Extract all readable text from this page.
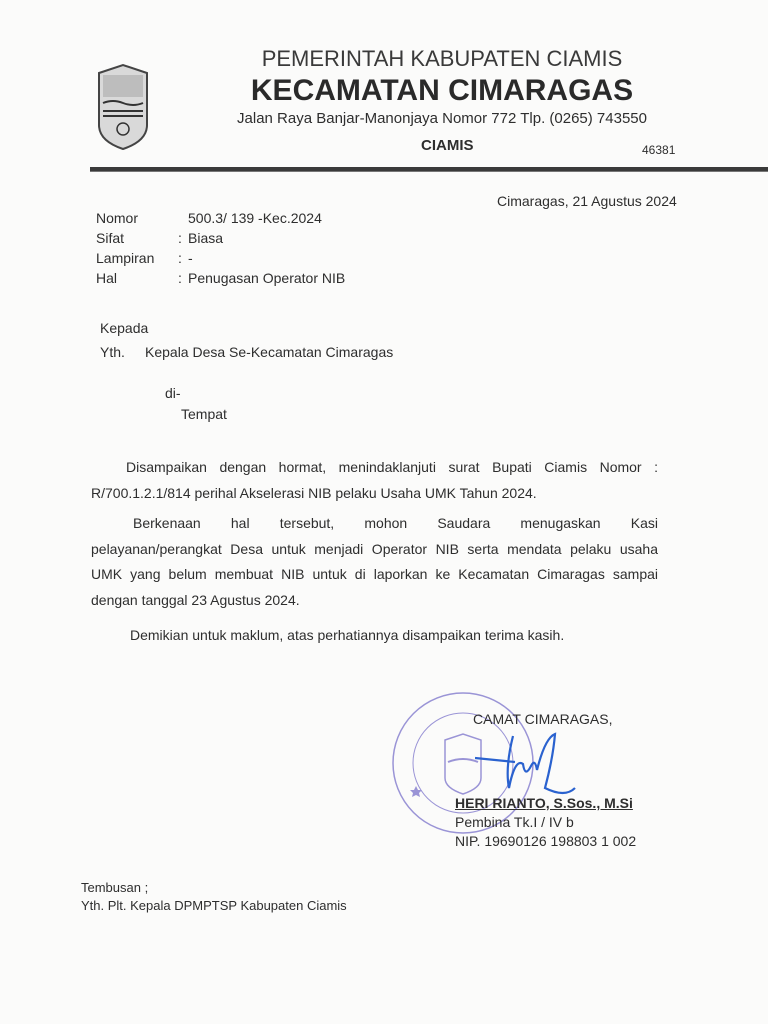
PEMERINTAH KABUPATEN CIAMIS
KECAMATAN CIMARAGAS
Jalan Raya Banjar-Manonjaya Nomor 772 Tlp. (0265) 743550
CIAMIS	46381
Cimaragas, 21 Agustus 2024
Nomor	500.3/ 139 -Kec.2024
Sifat	: Biasa
Lampiran : -
Hal	: Penugasan Operator NIB
Kepada
Yth. Kepala Desa Se-Kecamatan Cimaragas
di-
Tempat
Disampaikan dengan hormat, menindaklanjuti surat Bupati Ciamis Nomor :
R/700.1.2.1/814 perihal Akselerasi NIB pelaku Usaha UMK Tahun 2024.
Berkenaan hal tersebut, mohon Saudara menugaskan Kasi
pelayanan/perangkat Desa untuk menjadi Operator NIB serta mendata pelaku usaha
UMK yang belum membuat NIB untuk di laporkan ke Kecamatan Cimaragas sampai
dengan tanggal 23 Agustus 2024.
Demikian untuk maklum, atas perhatiannya disampaikan terima kasih.
CAMAT CIMARAGAS,
HERI RIANTO, S.Sos., M.Si
Pembina Tk.I / IV b
NIP. 19690126 198803 1 002
Tembusan ;
Yth. Plt. Kepala DPMPTSP Kabupaten Ciamis
